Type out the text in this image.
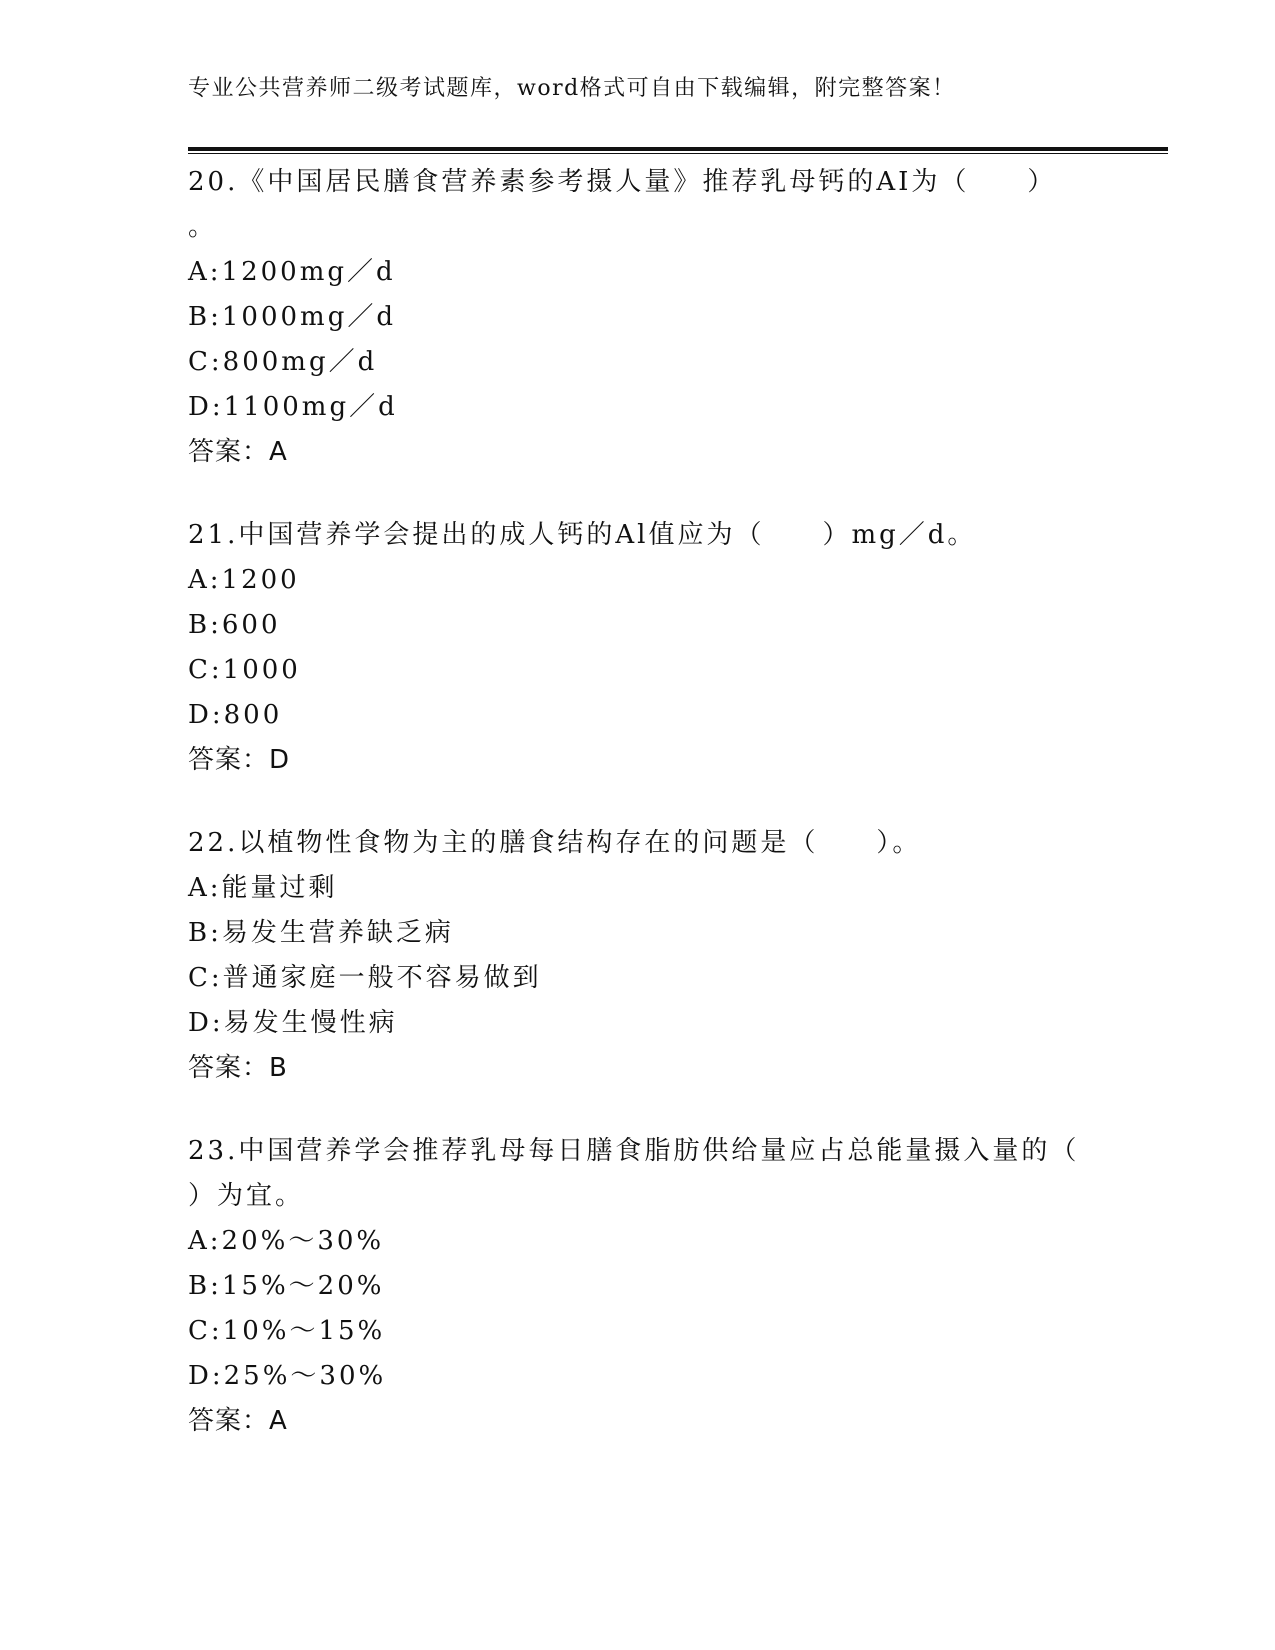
专业公共营养师二级考试题库，word格式可自由下载编辑，附完整答案！
20.《中国居民膳食营养素参考摄人量》推荐乳母钙的AI为（　　）
。
A:1200mg／d
B:1000mg／d
C:800mg／d
D:1100mg／d
答案：A
21.中国营养学会提出的成人钙的Al值应为（　　）mg／d。
A:1200
B:600
C:1000
D:800
答案：D
22.以植物性食物为主的膳食结构存在的问题是（　　）。
A:能量过剩
B:易发生营养缺乏病
C:普通家庭一般不容易做到
D:易发生慢性病
答案：B
23.中国营养学会推荐乳母每日膳食脂肪供给量应占总能量摄入量的（
）为宜。
A:20%～30%
B:15%～20%
C:10%～15%
D:25%～30%
答案：A
